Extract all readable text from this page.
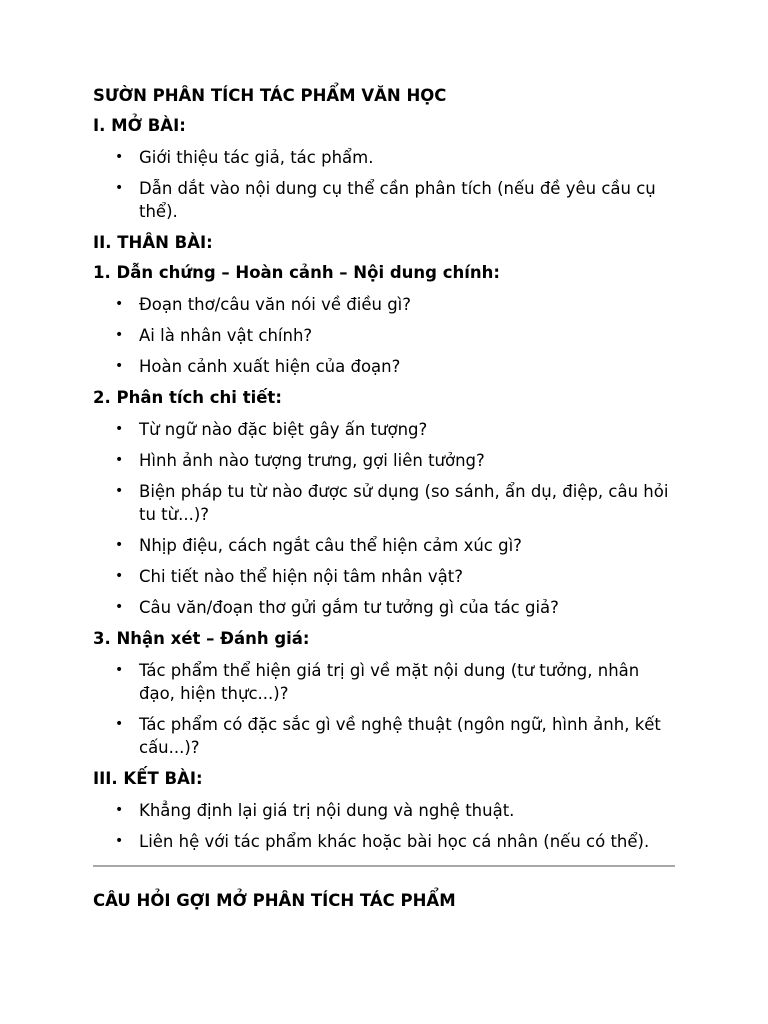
SƯỜN PHÂN TÍCH TÁC PHẨM VĂN HỌC
I. MỞ BÀI:
• Giới thiệu tác giả, tác phẩm.
• Dẫn dắt vào nội dung cụ thể cần phân tích (nếu đề yêu cầu cụ thể).
II. THÂN BÀI:
1. Dẫn chứng – Hoàn cảnh – Nội dung chính:
• Đoạn thơ/câu văn nói về điều gì?
• Ai là nhân vật chính?
• Hoàn cảnh xuất hiện của đoạn?
2. Phân tích chi tiết:
• Từ ngữ nào đặc biệt gây ấn tượng?
• Hình ảnh nào tượng trưng, gợi liên tưởng?
• Biện pháp tu từ nào được sử dụng (so sánh, ẩn dụ, điệp, câu hỏi tu từ...)?
• Nhịp điệu, cách ngắt câu thể hiện cảm xúc gì?
• Chi tiết nào thể hiện nội tâm nhân vật?
• Câu văn/đoạn thơ gửi gắm tư tưởng gì của tác giả?
3. Nhận xét – Đánh giá:
• Tác phẩm thể hiện giá trị gì về mặt nội dung (tư tưởng, nhân đạo, hiện thực...)?
• Tác phẩm có đặc sắc gì về nghệ thuật (ngôn ngữ, hình ảnh, kết cấu...)?
III. KẾT BÀI:
• Khẳng định lại giá trị nội dung và nghệ thuật.
• Liên hệ với tác phẩm khác hoặc bài học cá nhân (nếu có thể).
CÂU HỎI GỢI MỞ PHÂN TÍCH TÁC PHẨM
